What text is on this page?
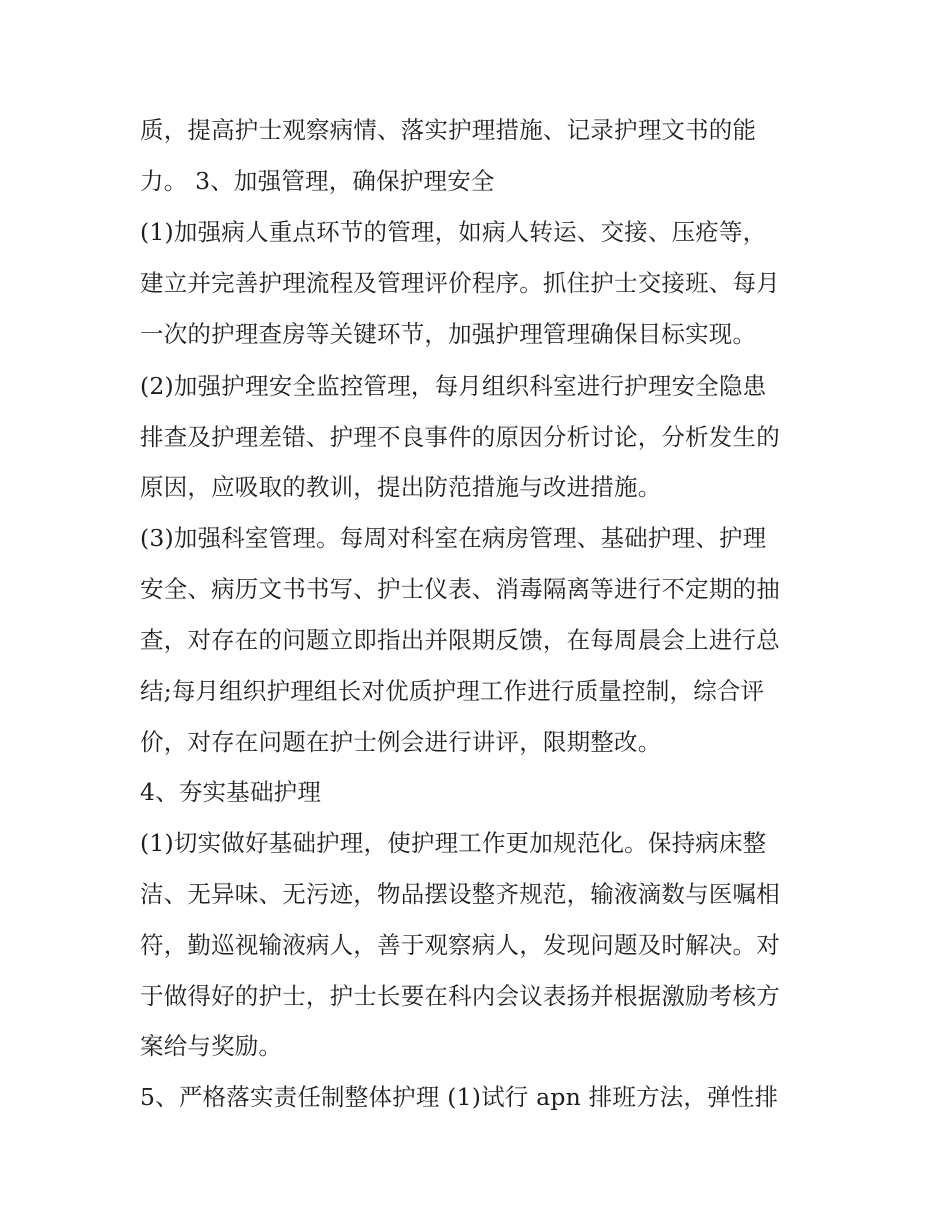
质，提高护士观察病情、落实护理措施、记录护理文书的能
力。 3、加强管理，确保护理安全
(1)加强病人重点环节的管理，如病人转运、交接、压疮等，
建立并完善护理流程及管理评价程序。抓住护士交接班、每月
一次的护理查房等关键环节，加强护理管理确保目标实现。
(2)加强护理安全监控管理，每月组织科室进行护理安全隐患
排查及护理差错、护理不良事件的原因分析讨论，分析发生的
原因，应吸取的教训，提出防范措施与改进措施。
(3)加强科室管理。每周对科室在病房管理、基础护理、护理
安全、病历文书书写、护士仪表、消毒隔离等进行不定期的抽
查，对存在的问题立即指出并限期反馈，在每周晨会上进行总
结;每月组织护理组长对优质护理工作进行质量控制，综合评
价，对存在问题在护士例会进行讲评，限期整改。
4、夯实基础护理
(1)切实做好基础护理，使护理工作更加规范化。保持病床整
洁、无异味、无污迹，物品摆设整齐规范，输液滴数与医嘱相
符，勤巡视输液病人，善于观察病人，发现问题及时解决。对
于做得好的护士，护士长要在科内会议表扬并根据激励考核方
案给与奖励。
5、严格落实责任制整体护理 (1)试行 apn 排班方法，弹性排
